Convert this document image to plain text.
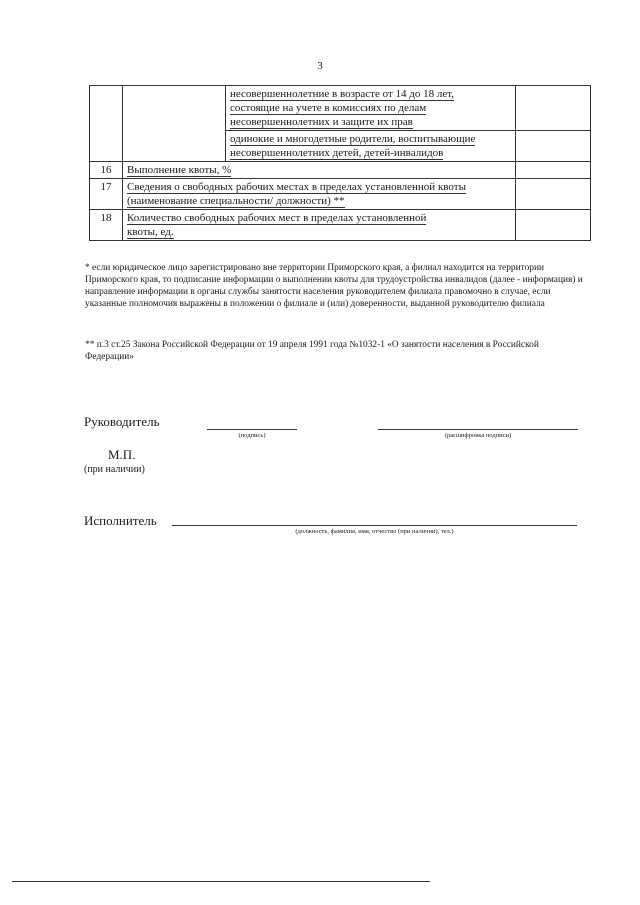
3
		несовершеннолетние в возрасте от 14 до 18 лет,
состоящие на учете в комиссиях по делам
несовершеннолетних и защите их прав	
		одинокие и многодетные родители, воспитывающие
несовершеннолетних детей, детей-инвалидов	
16	Выполнение квоты, %		
17	Сведения о свободных рабочих местах в пределах установленной квоты
(наименование специальности/ должности) **		
18	Количество свободных рабочих мест в пределах установленной
квоты, ед.		
* если юридическое лицо зарегистрировано вне территории Приморского края, а филиал находится на территории Приморского края, то подписание информации о выполнении квоты для трудоустройства инвалидов (далее - информация) и направление информации в органы службы занятости населения руководителем филиала правомочно в случае, если указанные полномочия выражены в положении о филиале и (или) доверенности, выданной руководителю филиала
** п.3 ст.25 Закона Российской Федерации от 19 апреля 1991 года №1032-1 «О занятости населения в Российской Федерации»
Руководитель
(подпись)	(расшифровка подписи)
М.П.
(при наличии)
Исполнитель
(должность, фамилия, имя, отчество (при наличии), тел.)
